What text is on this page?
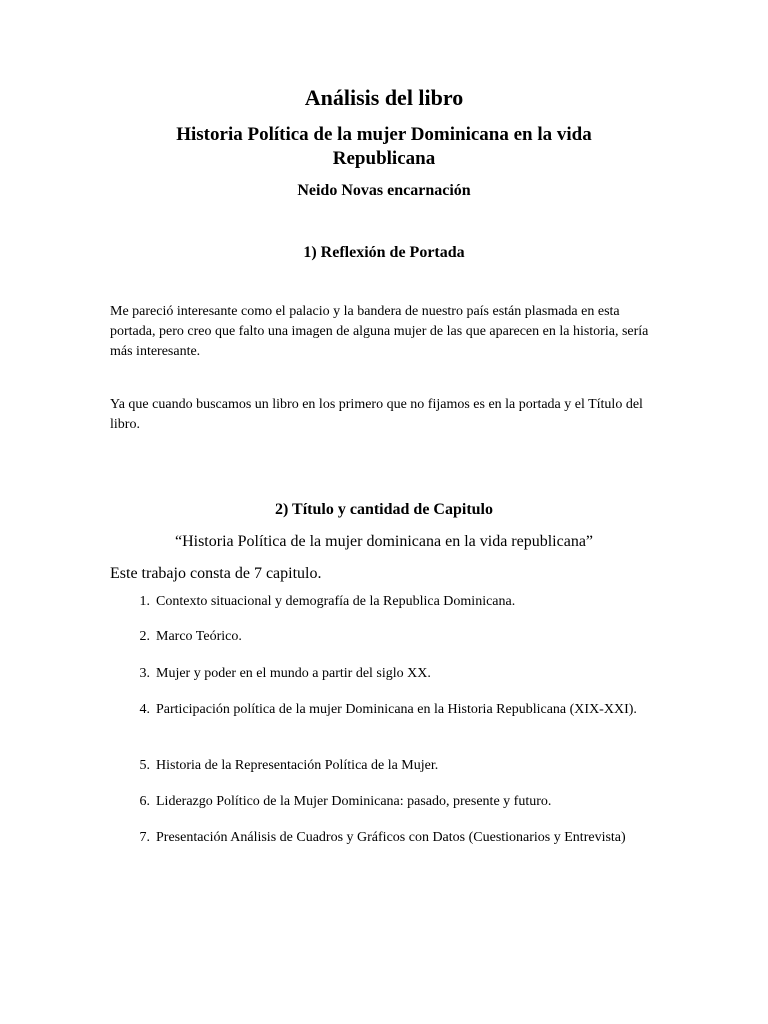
Análisis del libro
Historia Política de la mujer Dominicana en la vida Republicana
Neido Novas encarnación
1) Reflexión de Portada
Me pareció interesante como el palacio y la bandera de nuestro país están plasmada en esta portada, pero creo que falto una imagen de alguna mujer de las que aparecen en la historia, sería más interesante.
Ya que cuando buscamos un libro en los primero que no fijamos es en la portada y el Título del libro.
2) Título y cantidad de Capitulo
“Historia Política de la mujer dominicana en la vida republicana”
Este trabajo consta de 7 capitulo.
1. Contexto situacional y demografía de la Republica Dominicana.
2. Marco Teórico.
3. Mujer y poder en el mundo a partir del siglo XX.
4. Participación política de la mujer Dominicana en la Historia Republicana (XIX-XXI).
5. Historia de la Representación Política de la Mujer.
6. Liderazgo Político de la Mujer Dominicana: pasado, presente y futuro.
7. Presentación Análisis de Cuadros y Gráficos con Datos (Cuestionarios y Entrevista)
